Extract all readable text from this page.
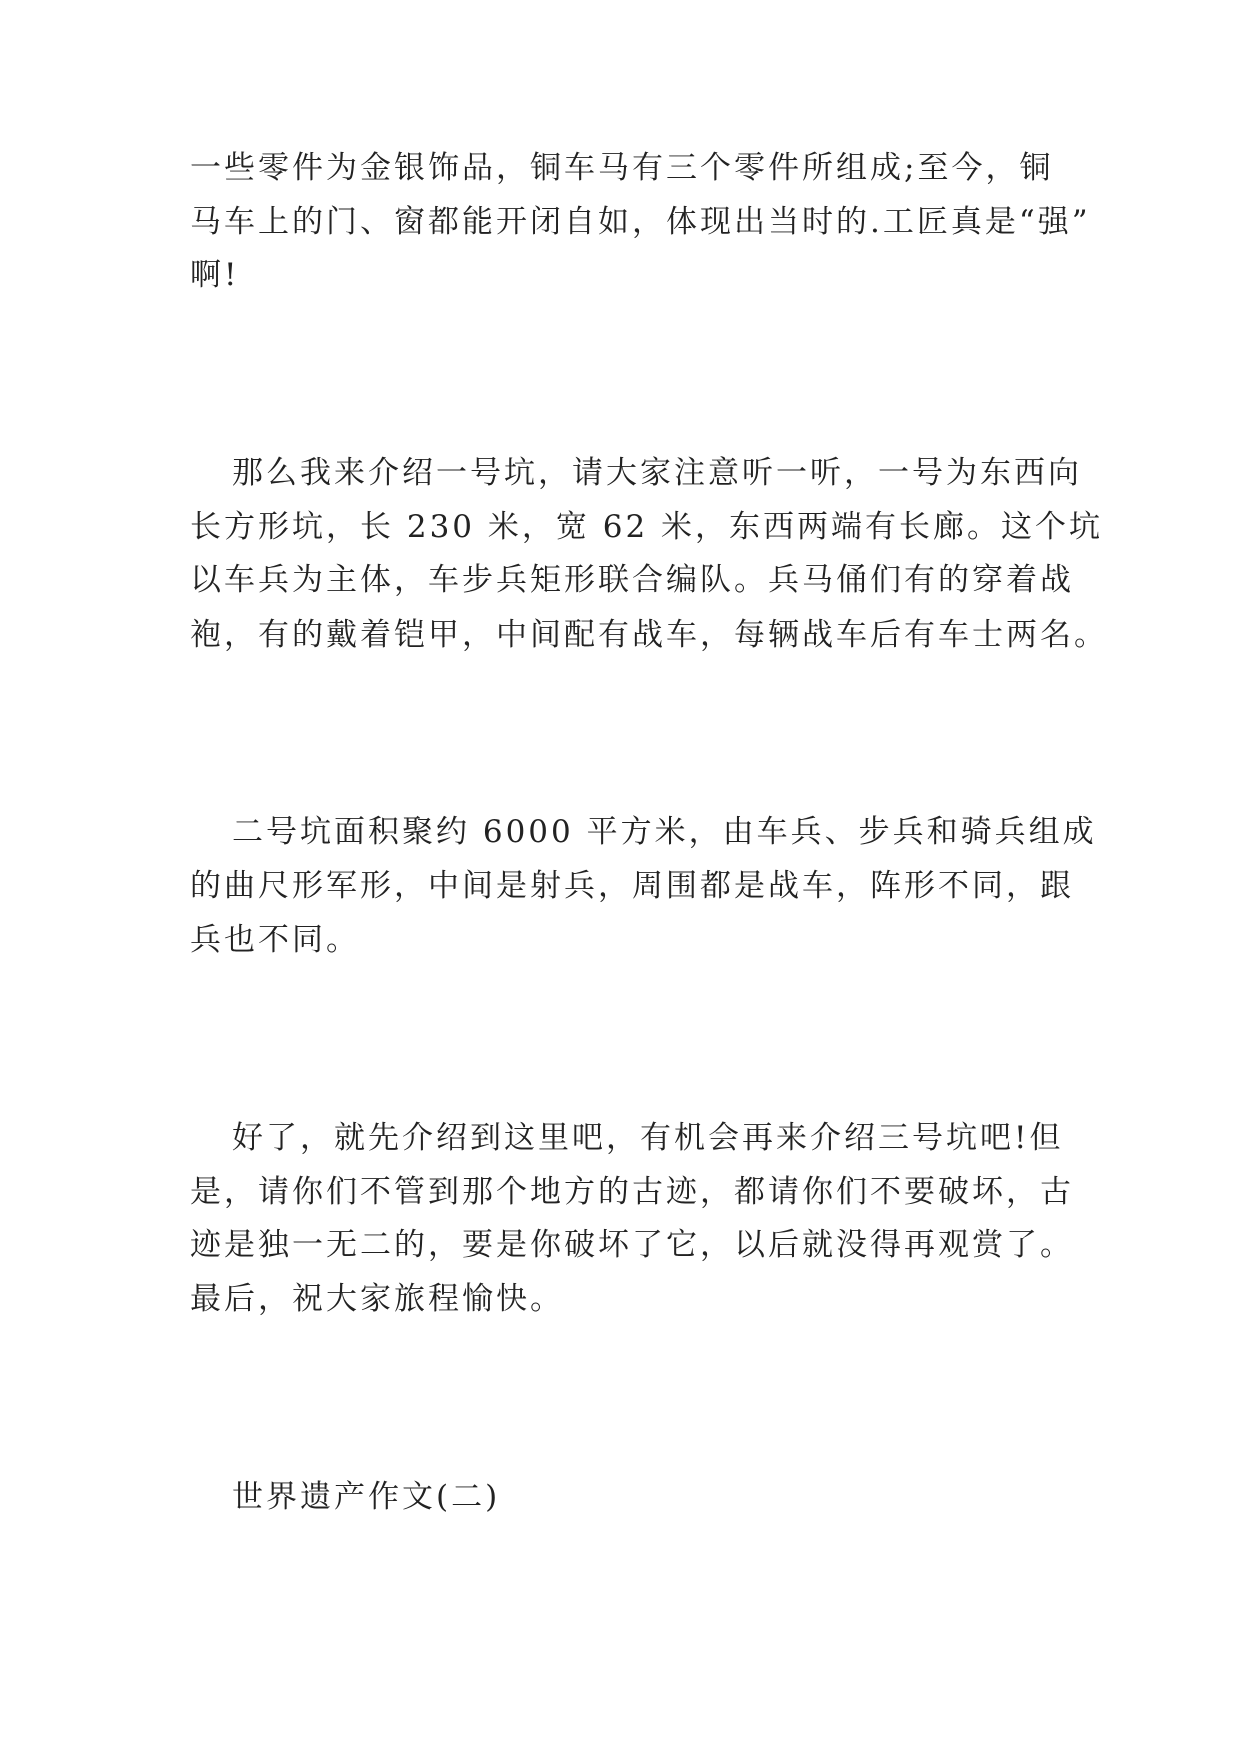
一些零件为金银饰品，铜车马有三个零件所组成;至今，铜
马车上的门、窗都能开闭自如，体现出当时的.工匠真是“强”
啊!
那么我来介绍一号坑，请大家注意听一听，一号为东西向
长方形坑，长 230 米，宽 62 米，东西两端有长廊。这个坑
以车兵为主体，车步兵矩形联合编队。兵马俑们有的穿着战
袍，有的戴着铠甲，中间配有战车，每辆战车后有车士两名。
二号坑面积聚约 6000 平方米，由车兵、步兵和骑兵组成
的曲尺形军形，中间是射兵，周围都是战车，阵形不同，跟
兵也不同。
好了，就先介绍到这里吧，有机会再来介绍三号坑吧!但
是，请你们不管到那个地方的古迹，都请你们不要破坏，古
迹是独一无二的，要是你破坏了它，以后就没得再观赏了。
最后，祝大家旅程愉快。
世界遗产作文(二)
